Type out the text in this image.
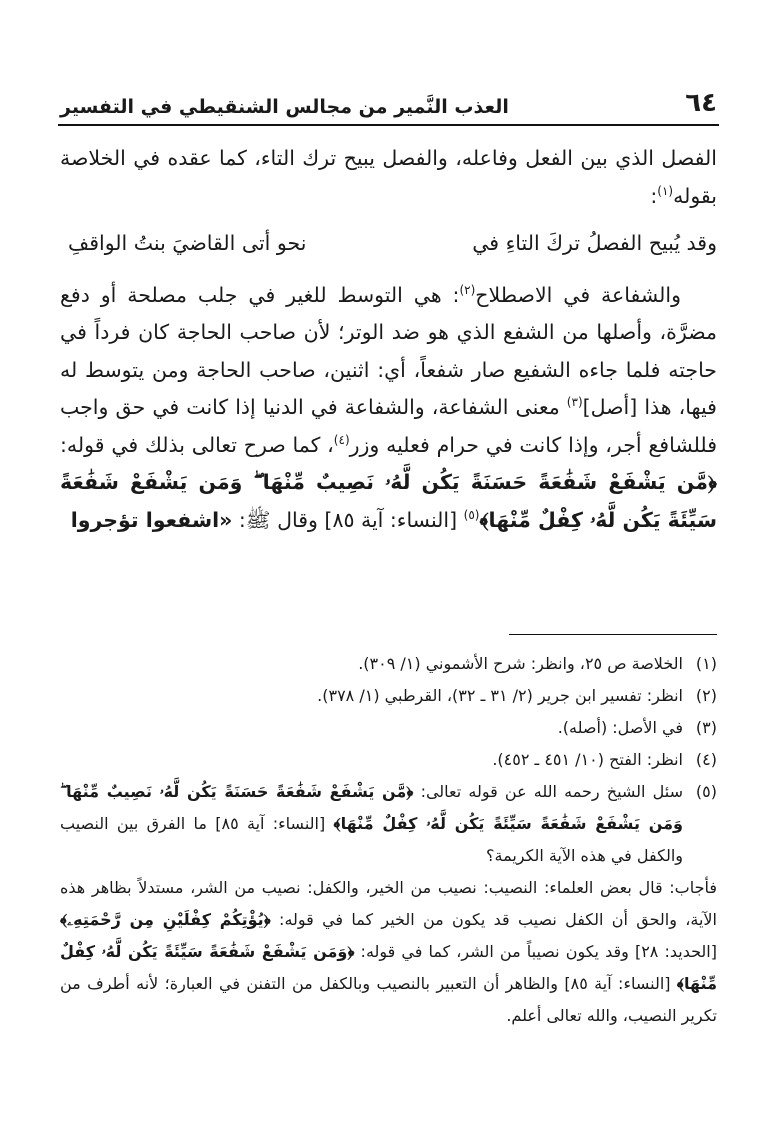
٦٤
العذب النَّمير من مجالس الشنقيطي في التفسير

الفصل الذي بين الفعل وفاعله، والفصل يبيح ترك التاء، كما عقده في الخلاصة بقوله$^{(١)}$:

وقد يُبيح الفصلُ تركَ التاءِ في
نحو أتى القاضيَ بنتُ الواقفِ

والشفاعة في الاصطلاح$^{(٢)}$: هي التوسط للغير في جلب مصلحة أو دفع مضرَّة، وأصلها من الشفع الذي هو ضد الوتر؛ لأن صاحب الحاجة كان فرداً في حاجته فلما جاءه الشفيع صار شفعاً، أي: اثنين، صاحب الحاجة ومن يتوسط له فيها، هذا [أصل]$^{(٣)}$ معنى الشفاعة، والشفاعة في الدنيا إذا كانت في حق واجب فللشافع أجر، وإذا كانت في حرام فعليه وزر$^{(٤)}$، كما صرح تعالى بذلك في قوله: ﴿مَّن يَشْفَعْ شَفَٰعَةً حَسَنَةً يَكُن لَّهُۥ نَصِيبٌ مِّنْهَا ۖ وَمَن يَشْفَعْ شَفَٰعَةً سَيِّئَةً يَكُن لَّهُۥ كِفْلٌ مِّنْهَا﴾$^{(٥)}$ [النساء: آية ٨٥] وقال ﷺ: «اشفعوا تؤجروا

(١)
الخلاصة ص ٢٥، وانظر: شرح الأشموني (١/ ٣٠٩).
(٢)
انظر: تفسير ابن جرير (٢/ ٣١ ـ ٣٢)، القرطبي (١/ ٣٧٨).
(٣)
في الأصل: (أصله).
(٤)
انظر: الفتح (١٠/ ٤٥١ ـ ٤٥٢).
(٥)
سئل الشيخ رحمه الله عن قوله تعالى: ﴿مَّن يَشْفَعْ شَفَٰعَةً حَسَنَةً يَكُن لَّهُۥ نَصِيبٌ مِّنْهَا ۖ وَمَن يَشْفَعْ شَفَٰعَةً سَيِّئَةً يَكُن لَّهُۥ كِفْلٌ مِّنْهَا﴾ [النساء: آية ٨٥] ما الفرق بين النصيب والكفل في هذه الآية الكريمة؟

فأجاب: قال بعض العلماء: النصيب: نصيب من الخير، والكفل: نصيب من الشر، مستدلاً بظاهر هذه الآية، والحق أن الكفل نصيب قد يكون من الخير كما في قوله: ﴿يُؤْتِكُمْ كِفْلَيْنِ مِن رَّحْمَتِهِۦ﴾ [الحديد: ٢٨] وقد يكون نصيباً من الشر، كما في قوله: ﴿وَمَن يَشْفَعْ شَفَٰعَةً سَيِّئَةً يَكُن لَّهُۥ كِفْلٌ مِّنْهَا﴾ [النساء: آية ٨٥] والظاهر أن التعبير بالنصيب وبالكفل من التفنن في العبارة؛ لأنه أطرف من تكرير النصيب، والله تعالى أعلم.
